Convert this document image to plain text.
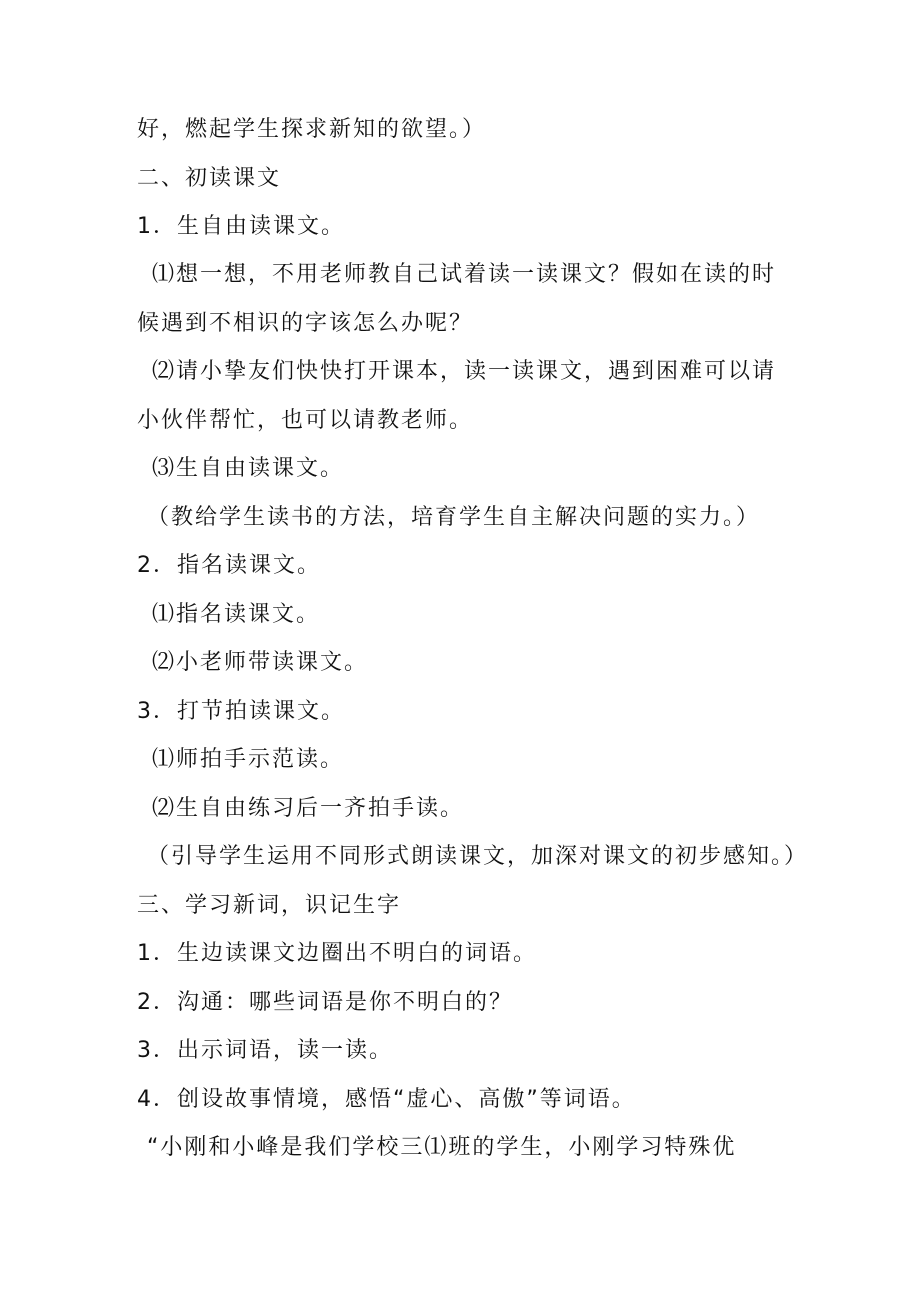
好，燃起学生探求新知的欲望。）
二、初读课文
1．生自由读课文。
⑴想一想，不用老师教自己试着读一读课文？假如在读的时
候遇到不相识的字该怎么办呢？
⑵请小挚友们快快打开课本，读一读课文，遇到困难可以请
小伙伴帮忙，也可以请教老师。
⑶生自由读课文。
（教给学生读书的方法，培育学生自主解决问题的实力。）
2．指名读课文。
⑴指名读课文。
⑵小老师带读课文。
3．打节拍读课文。
⑴师拍手示范读。
⑵生自由练习后一齐拍手读。
（引导学生运用不同形式朗读课文，加深对课文的初步感知。）
三、学习新词，识记生字
1．生边读课文边圈出不明白的词语。
2．沟通：哪些词语是你不明白的？
3．出示词语，读一读。
4．创设故事情境，感悟“虚心、高傲”等词语。
“小刚和小峰是我们学校三⑴班的学生，小刚学习特殊优
